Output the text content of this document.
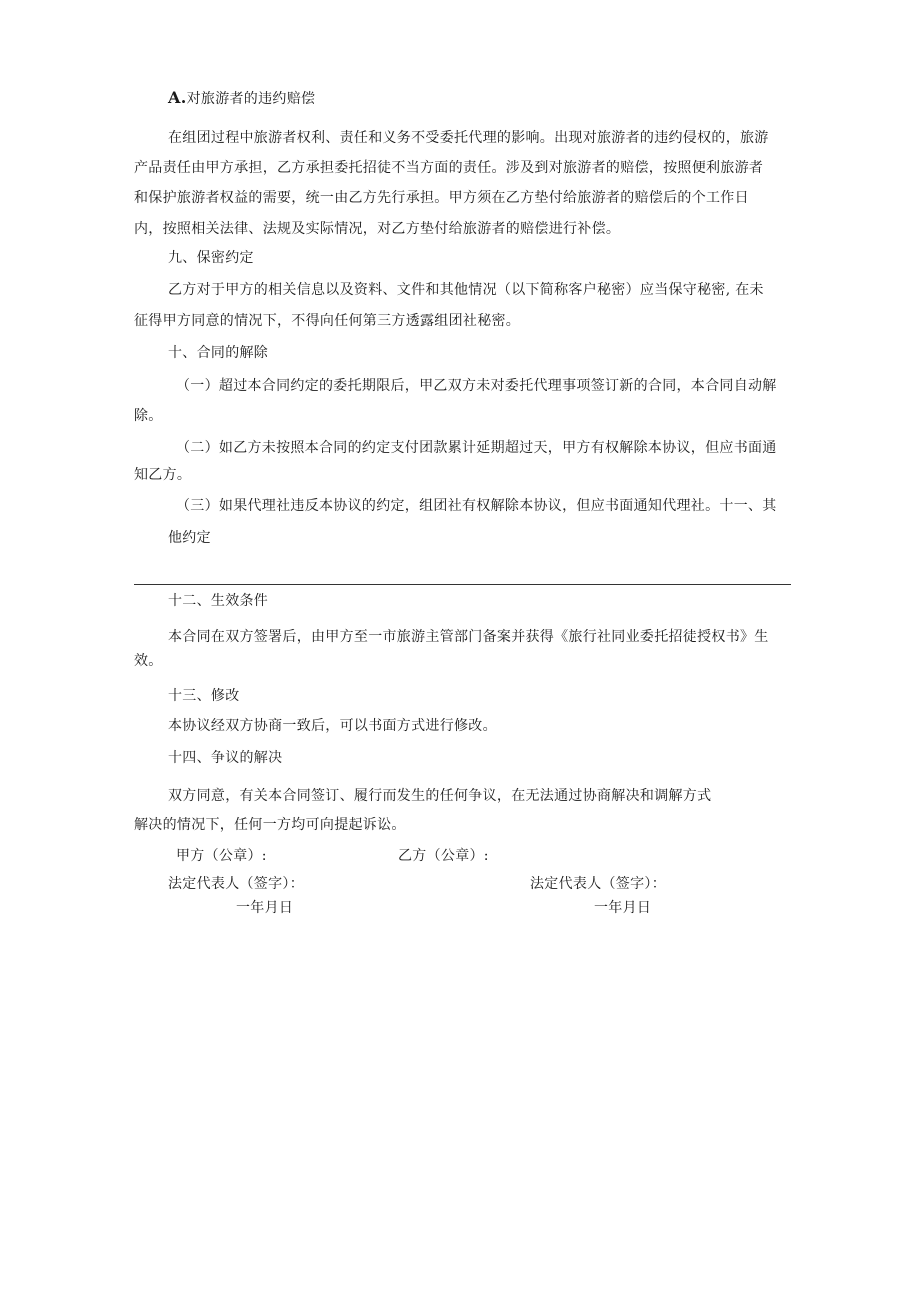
A.对旅游者的违约赔偿
在组团过程中旅游者权利、责任和义务不受委托代理的影响。出现对旅游者的违约侵权的，旅游
产品责任由甲方承担，乙方承担委托招徒不当方面的责任。涉及到对旅游者的赔偿，按照便利旅游者
和保护旅游者权益的需要，统一由乙方先行承担。甲方须在乙方垫付给旅游者的赔偿后的个工作日
内，按照相关法律、法规及实际情况，对乙方垫付给旅游者的赔偿进行补偿。
九、保密约定
乙方对于甲方的相关信息以及资料、文件和其他情况（以下简称客户秘密）应当保守秘密, 在未
征得甲方同意的情况下，不得向任何第三方透露组团社秘密。
十、合同的解除
（一）超过本合同约定的委托期限后，甲乙双方未对委托代理事项签订新的合同，本合同自动解
除。
（二）如乙方未按照本合同的约定支付团款累计延期超过天，甲方有权解除本协议，但应书面通
知乙方。
（三）如果代理社违反本协议的约定，组团社有权解除本协议，但应书面通知代理社。十一、其
他约定
十二、生效条件
本合同在双方签署后，由甲方至一市旅游主管部门备案并获得《旅行社同业委托招徒授权书》生
效。
十三、修改
本协议经双方协商一致后，可以书面方式进行修改。
十四、争议的解决
双方同意，有关本合同签订、履行而发生的任何争议，在无法通过协商解决和调解方式
解决的情况下，任何一方均可向提起诉讼。
甲方（公章）:	乙方（公章）:
法定代表人（签字）：	法定代表人（签字）：
一年月日	一年月日
